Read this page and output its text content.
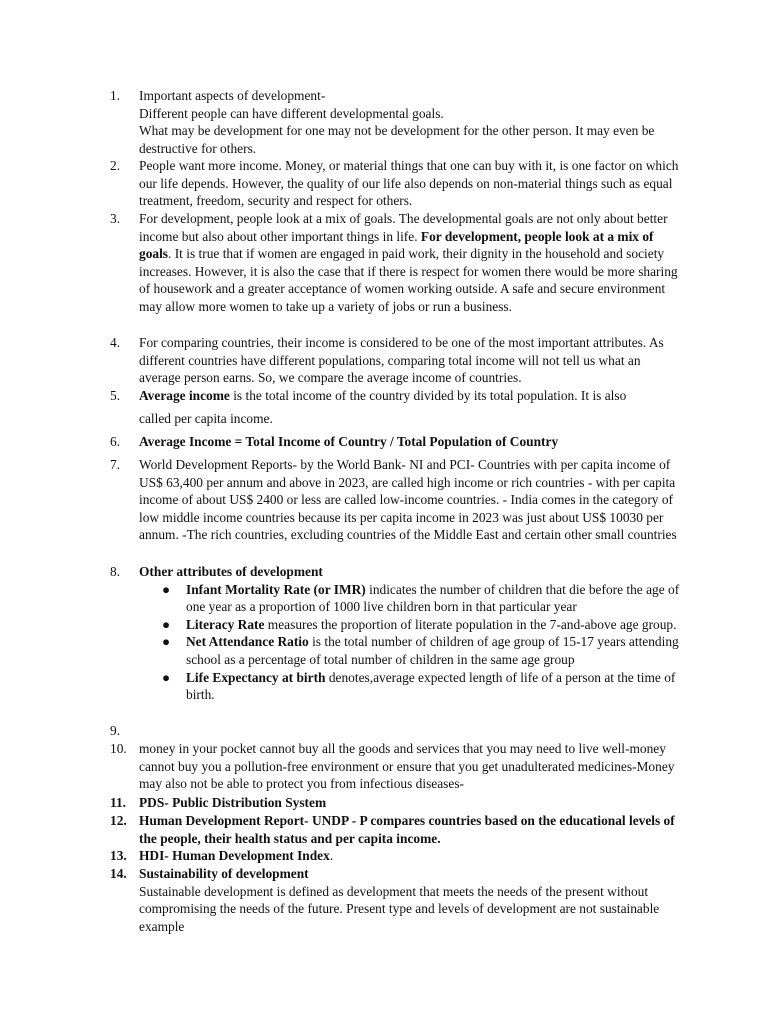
1.	Important aspects of development-

Different people can have different developmental goals.

What may be development for one may not be development for the other person. It may even be destructive for others.

2.	People want more income. Money, or material things that one can buy with it, is one factor on which our life depends. However, the quality of our life also depends on non-material things such as equal treatment, freedom, security and respect for others.

3.	For development, people look at a mix of goals. The developmental goals are not only about better income but also about other important things in life. For development, people look at a mix of goals. It is true that if women are engaged in paid work, their dignity in the household and society increases. However, it is also the case that if there is respect for women there would be more sharing of housework and a greater acceptance of women working outside. A safe and secure environment may allow more women to take up a variety of jobs or run a business.

4.	For comparing countries, their income is considered to be one of the most important attributes. As different countries have different populations, comparing total income will not tell us what an average person earns. So, we compare the average income of countries.

5.	Average income is the total income of the country divided by its total population. It is also

called per capita income.

6.	Average Income = Total Income of Country / Total Population of Country

7.	World Development Reports- by the World Bank- NI and PCI- Countries with per capita income of US$ 63,400 per annum and above in 2023, are called high income or rich countries - with per capita income of about US$ 2400 or less are called low-income countries. - India comes in the category of low middle income countries because its per capita income in 2023 was just about US$ 10030 per annum. -The rich countries, excluding countries of the Middle East and certain other small countries

8.	Other attributes of development

● Infant Mortality Rate (or IMR) indicates the number of children that die before the age of one year as a proportion of 1000 live children born in that particular year
● Literacy Rate measures the proportion of literate population in the 7-and-above age group.
● Net Attendance Ratio is the total number of children of age group of 15-17 years attending school as a percentage of total number of children in the same age group
● Life Expectancy at birth denotes,average expected length of life of a person at the time of birth.
9.
10. money in your pocket cannot buy all the goods and services that you may need to live well-money cannot buy you a pollution-free environment or ensure that you get unadulterated medicines-Money may also not be able to protect you from infectious diseases-

11. PDS- Public Distribution System

12. Human Development Report- UNDP - P compares countries based on the educational levels of the people, their health status and per capita income.

13. HDI- Human Development Index.

14. Sustainability of development

Sustainable development is defined as development that meets the needs of the present without compromising the needs of the future. Present type and levels of development are not sustainable example
